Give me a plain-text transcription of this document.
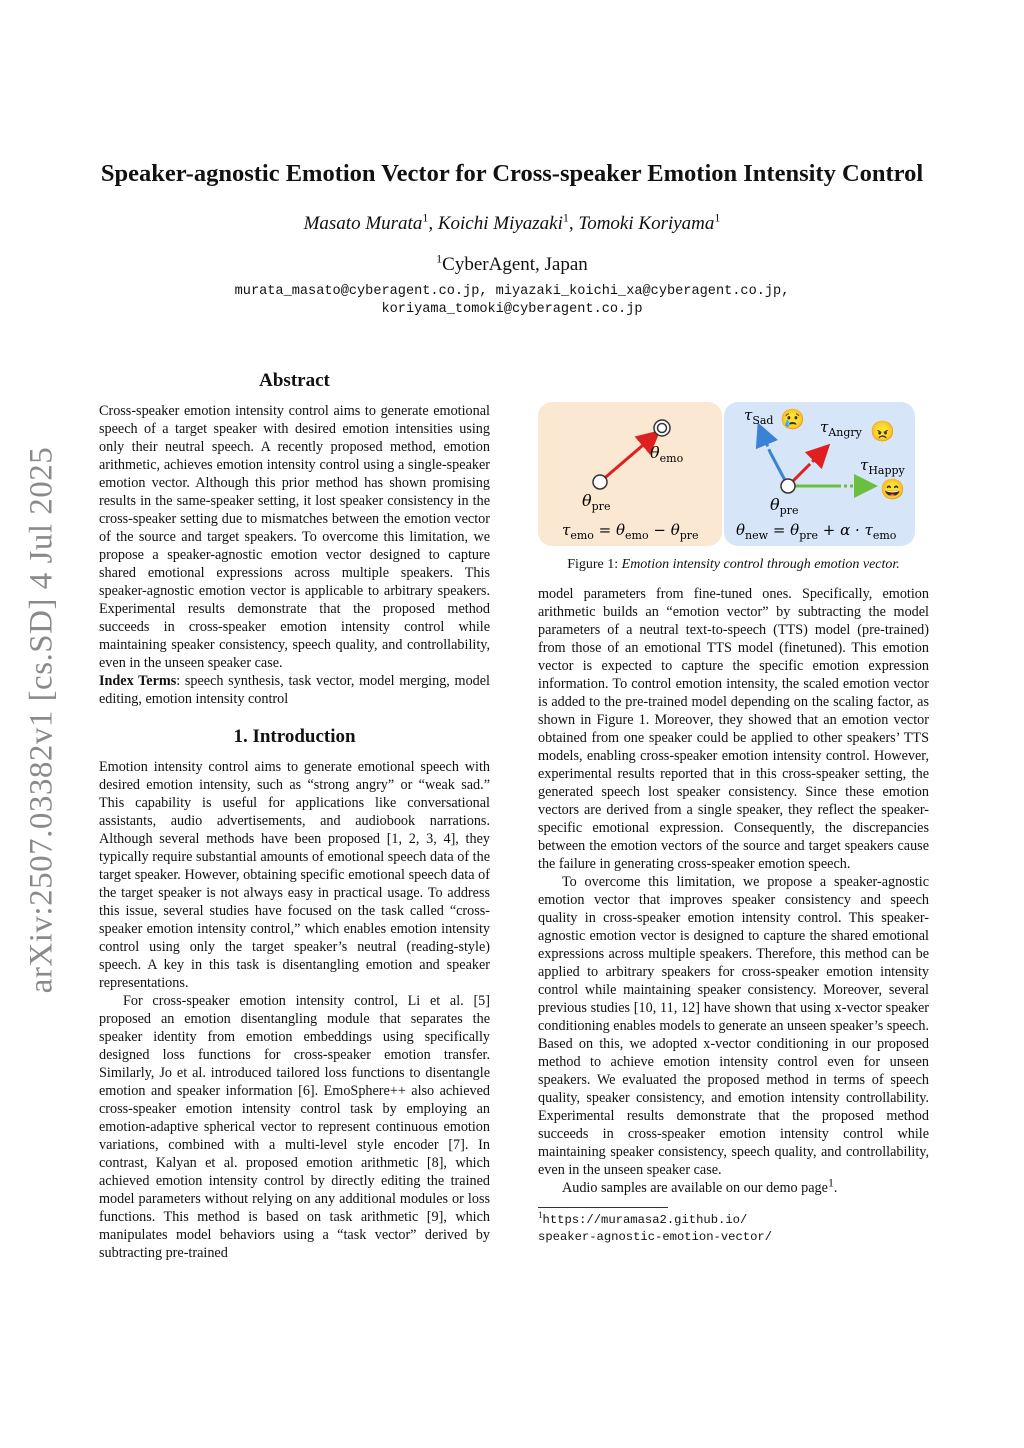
arXiv:2507.03382v1 [cs.SD] 4 Jul 2025
Speaker-agnostic Emotion Vector for Cross-speaker Emotion Intensity Control
Masato Murata$^1$, Koichi Miyazaki$^1$, Tomoki Koriyama$^1$
$^1$CyberAgent, Japan
murata_masato@cyberagent.co.jp, miyazaki_koichi_xa@cyberagent.co.jp,
koriyama_tomoki@cyberagent.co.jp
Abstract

Cross-speaker emotion intensity control aims to generate emotional speech of a target speaker with desired emotion intensities using only their neutral speech. A recently proposed method, emotion arithmetic, achieves emotion intensity control using a single-speaker emotion vector. Although this prior method has shown promising results in the same-speaker setting, it lost speaker consistency in the cross-speaker setting due to mismatches between the emotion vector of the source and target speakers. To overcome this limitation, we propose a speaker-agnostic emotion vector designed to capture shared emotional expressions across multiple speakers. This speaker-agnostic emotion vector is applicable to arbitrary speakers. Experimental results demonstrate that the proposed method succeeds in cross-speaker emotion intensity control while maintaining speaker consistency, speech quality, and controllability, even in the unseen speaker case.

Index Terms: speech synthesis, task vector, model merging, model editing, emotion intensity control

1. Introduction

Emotion intensity control aims to generate emotional speech with desired emotion intensity, such as “strong angry” or “weak sad.” This capability is useful for applications like conversational assistants, audio advertisements, and audiobook narrations. Although several methods have been proposed [1, 2, 3, 4], they typically require substantial amounts of emotional speech data of the target speaker. However, obtaining specific emotional speech data of the target speaker is not always easy in practical usage. To address this issue, several studies have focused on the task called “cross-speaker emotion intensity control,” which enables emotion intensity control using only the target speaker’s neutral (reading-style) speech. A key in this task is disentangling emotion and speaker representations.

For cross-speaker emotion intensity control, Li et al. [5] proposed an emotion disentangling module that separates the speaker identity from emotion embeddings using specifically designed loss functions for cross-speaker emotion transfer. Similarly, Jo et al. introduced tailored loss functions to disentangle emotion and speaker information [6]. EmoSphere++ also achieved cross-speaker emotion intensity control task by employing an emotion-adaptive spherical vector to represent continuous emotion variations, combined with a multi-level style encoder [7]. In contrast, Kalyan et al. proposed emotion arithmetic [8], which achieved emotion intensity control by directly editing the trained model parameters without relying on any additional modules or loss functions. This method is based on task arithmetic [9], which manipulates model behaviors using a “task vector” derived by subtracting pre-trained

$\theta_{emo}$
$\theta_{pre}$
$\tau_{emo} = \theta_{emo} - \theta_{pre}$
$\tau_{Sad}$ 😢 $\tau_{Angry}$ 😠
$\tau_{Happy}$
😄
$\theta_{pre}$
$\theta_{new} = \theta_{pre} + \alpha \cdot \tau_{emo}$
Figure 1: Emotion intensity control through emotion vector.

model parameters from fine-tuned ones. Specifically, emotion arithmetic builds an “emotion vector” by subtracting the model parameters of a neutral text-to-speech (TTS) model (pre-trained) from those of an emotional TTS model (finetuned). This emotion vector is expected to capture the specific emotion expression information. To control emotion intensity, the scaled emotion vector is added to the pre-trained model depending on the scaling factor, as shown in Figure 1. Moreover, they showed that an emotion vector obtained from one speaker could be applied to other speakers’ TTS models, enabling cross-speaker emotion intensity control. However, experimental results reported that in this cross-speaker setting, the generated speech lost speaker consistency. Since these emotion vectors are derived from a single speaker, they reflect the speaker-specific emotional expression. Consequently, the discrepancies between the emotion vectors of the source and target speakers cause the failure in generating cross-speaker emotion speech.

To overcome this limitation, we propose a speaker-agnostic emotion vector that improves speaker consistency and speech quality in cross-speaker emotion intensity control. This speaker-agnostic emotion vector is designed to capture the shared emotional expressions across multiple speakers. Therefore, this method can be applied to arbitrary speakers for cross-speaker emotion intensity control while maintaining speaker consistency. Moreover, several previous studies [10, 11, 12] have shown that using x-vector speaker conditioning enables models to generate an unseen speaker’s speech. Based on this, we adopted x-vector conditioning in our proposed method to achieve emotion intensity control even for unseen speakers. We evaluated the proposed method in terms of speech quality, speaker consistency, and emotion intensity controllability. Experimental results demonstrate that the proposed method succeeds in cross-speaker emotion intensity control while maintaining speaker consistency, speech quality, and controllability, even in the unseen speaker case.

Audio samples are available on our demo page$^1$.

$^1$https://muramasa2.github.io/
speaker-agnostic-emotion-vector/
